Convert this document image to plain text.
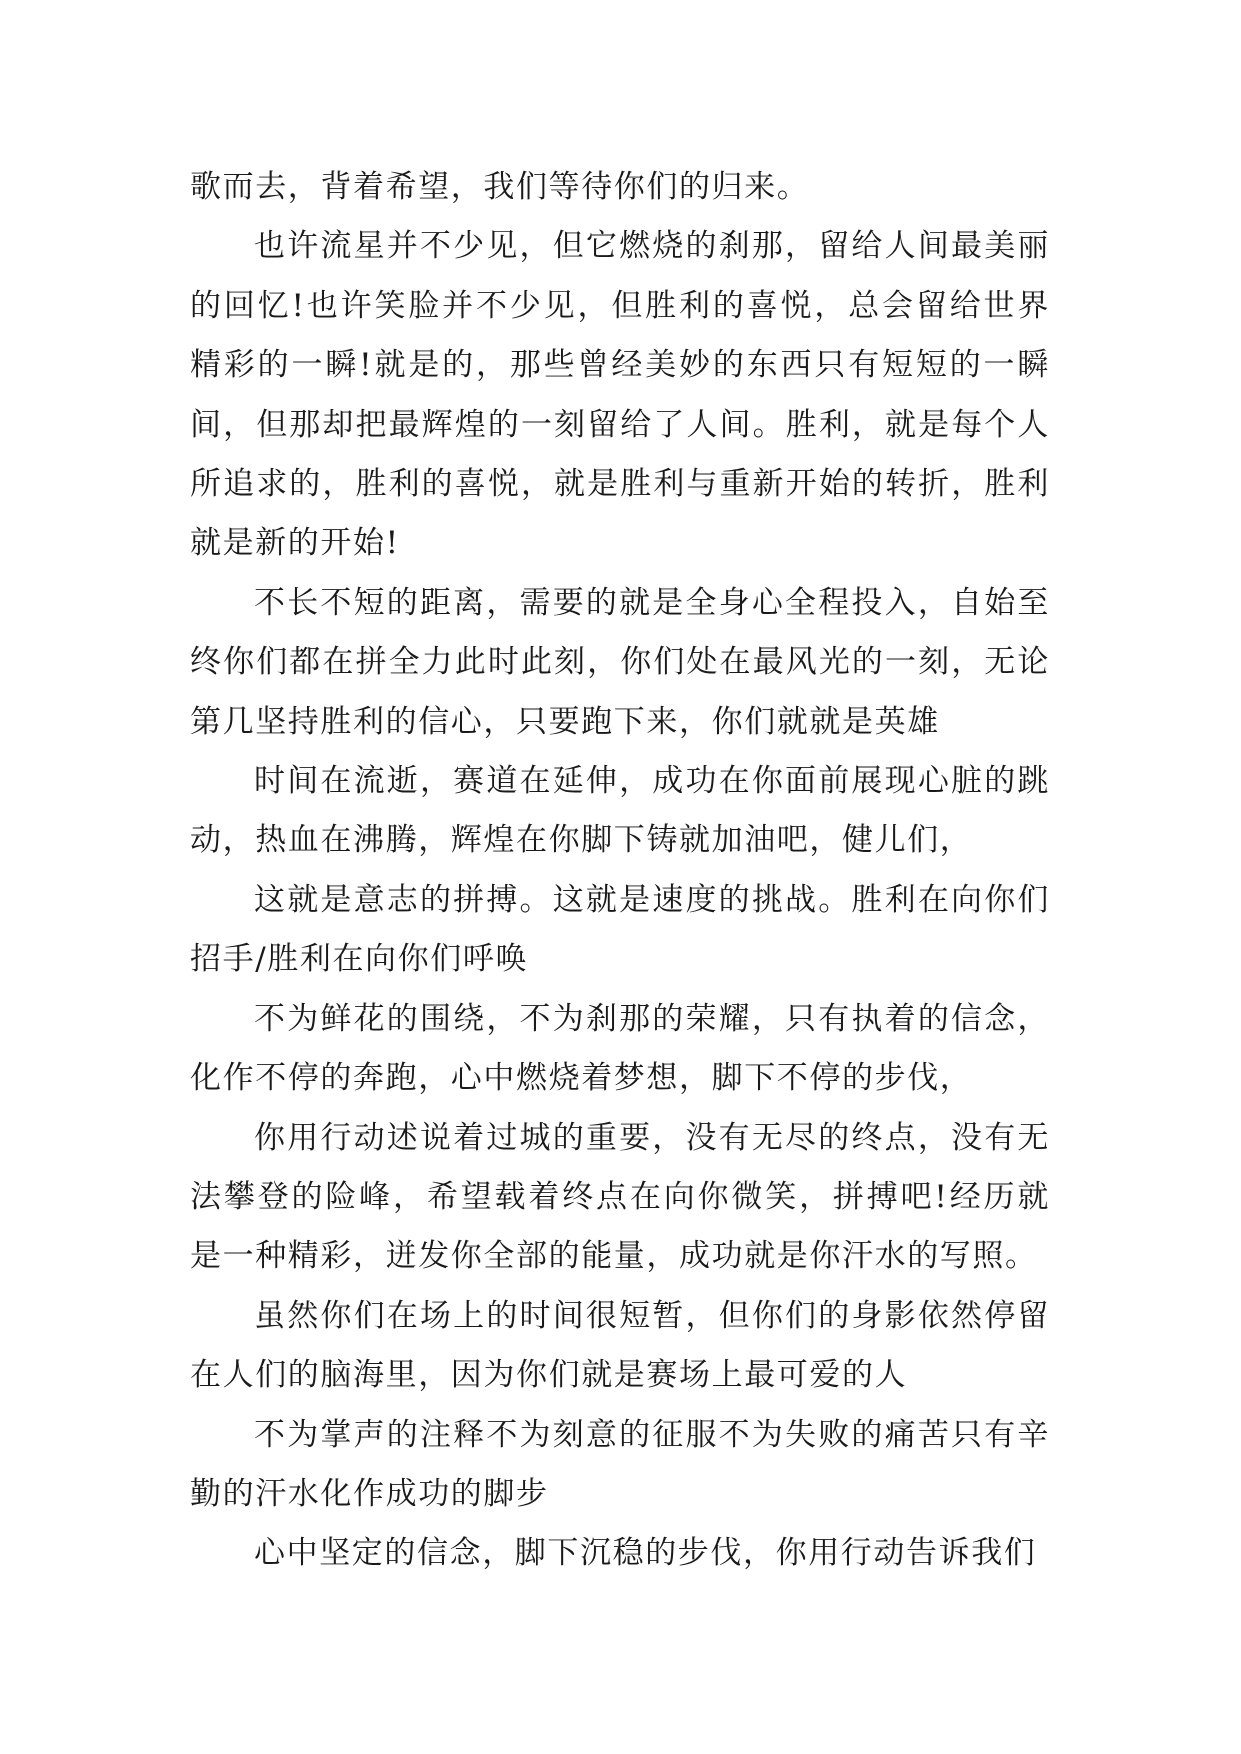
歌而去，背着希望，我们等待你们的归来。

也许流星并不少见，但它燃烧的刹那，留给人间最美丽的回忆!也许笑脸并不少见，但胜利的喜悦，总会留给世界精彩的一瞬!就是的，那些曾经美妙的东西只有短短的一瞬间，但那却把最辉煌的一刻留给了人间。胜利，就是每个人所追求的，胜利的喜悦，就是胜利与重新开始的转折，胜利就是新的开始!

不长不短的距离，需要的就是全身心全程投入，自始至终你们都在拼全力此时此刻，你们处在最风光的一刻，无论第几坚持胜利的信心，只要跑下来，你们就就是英雄

时间在流逝，赛道在延伸，成功在你面前展现心脏的跳动，热血在沸腾，辉煌在你脚下铸就加油吧，健儿们，

这就是意志的拼搏。这就是速度的挑战。胜利在向你们招手/胜利在向你们呼唤

不为鲜花的围绕，不为刹那的荣耀，只有执着的信念，化作不停的奔跑，心中燃烧着梦想，脚下不停的步伐，

你用行动述说着过城的重要，没有无尽的终点，没有无法攀登的险峰，希望载着终点在向你微笑，拼搏吧!经历就是一种精彩，迸发你全部的能量，成功就是你汗水的写照。

虽然你们在场上的时间很短暂，但你们的身影依然停留在人们的脑海里，因为你们就是赛场上最可爱的人

不为掌声的注释不为刻意的征服不为失败的痛苦只有辛勤的汗水化作成功的脚步

心中坚定的信念，脚下沉稳的步伐，你用行动告诉我们
